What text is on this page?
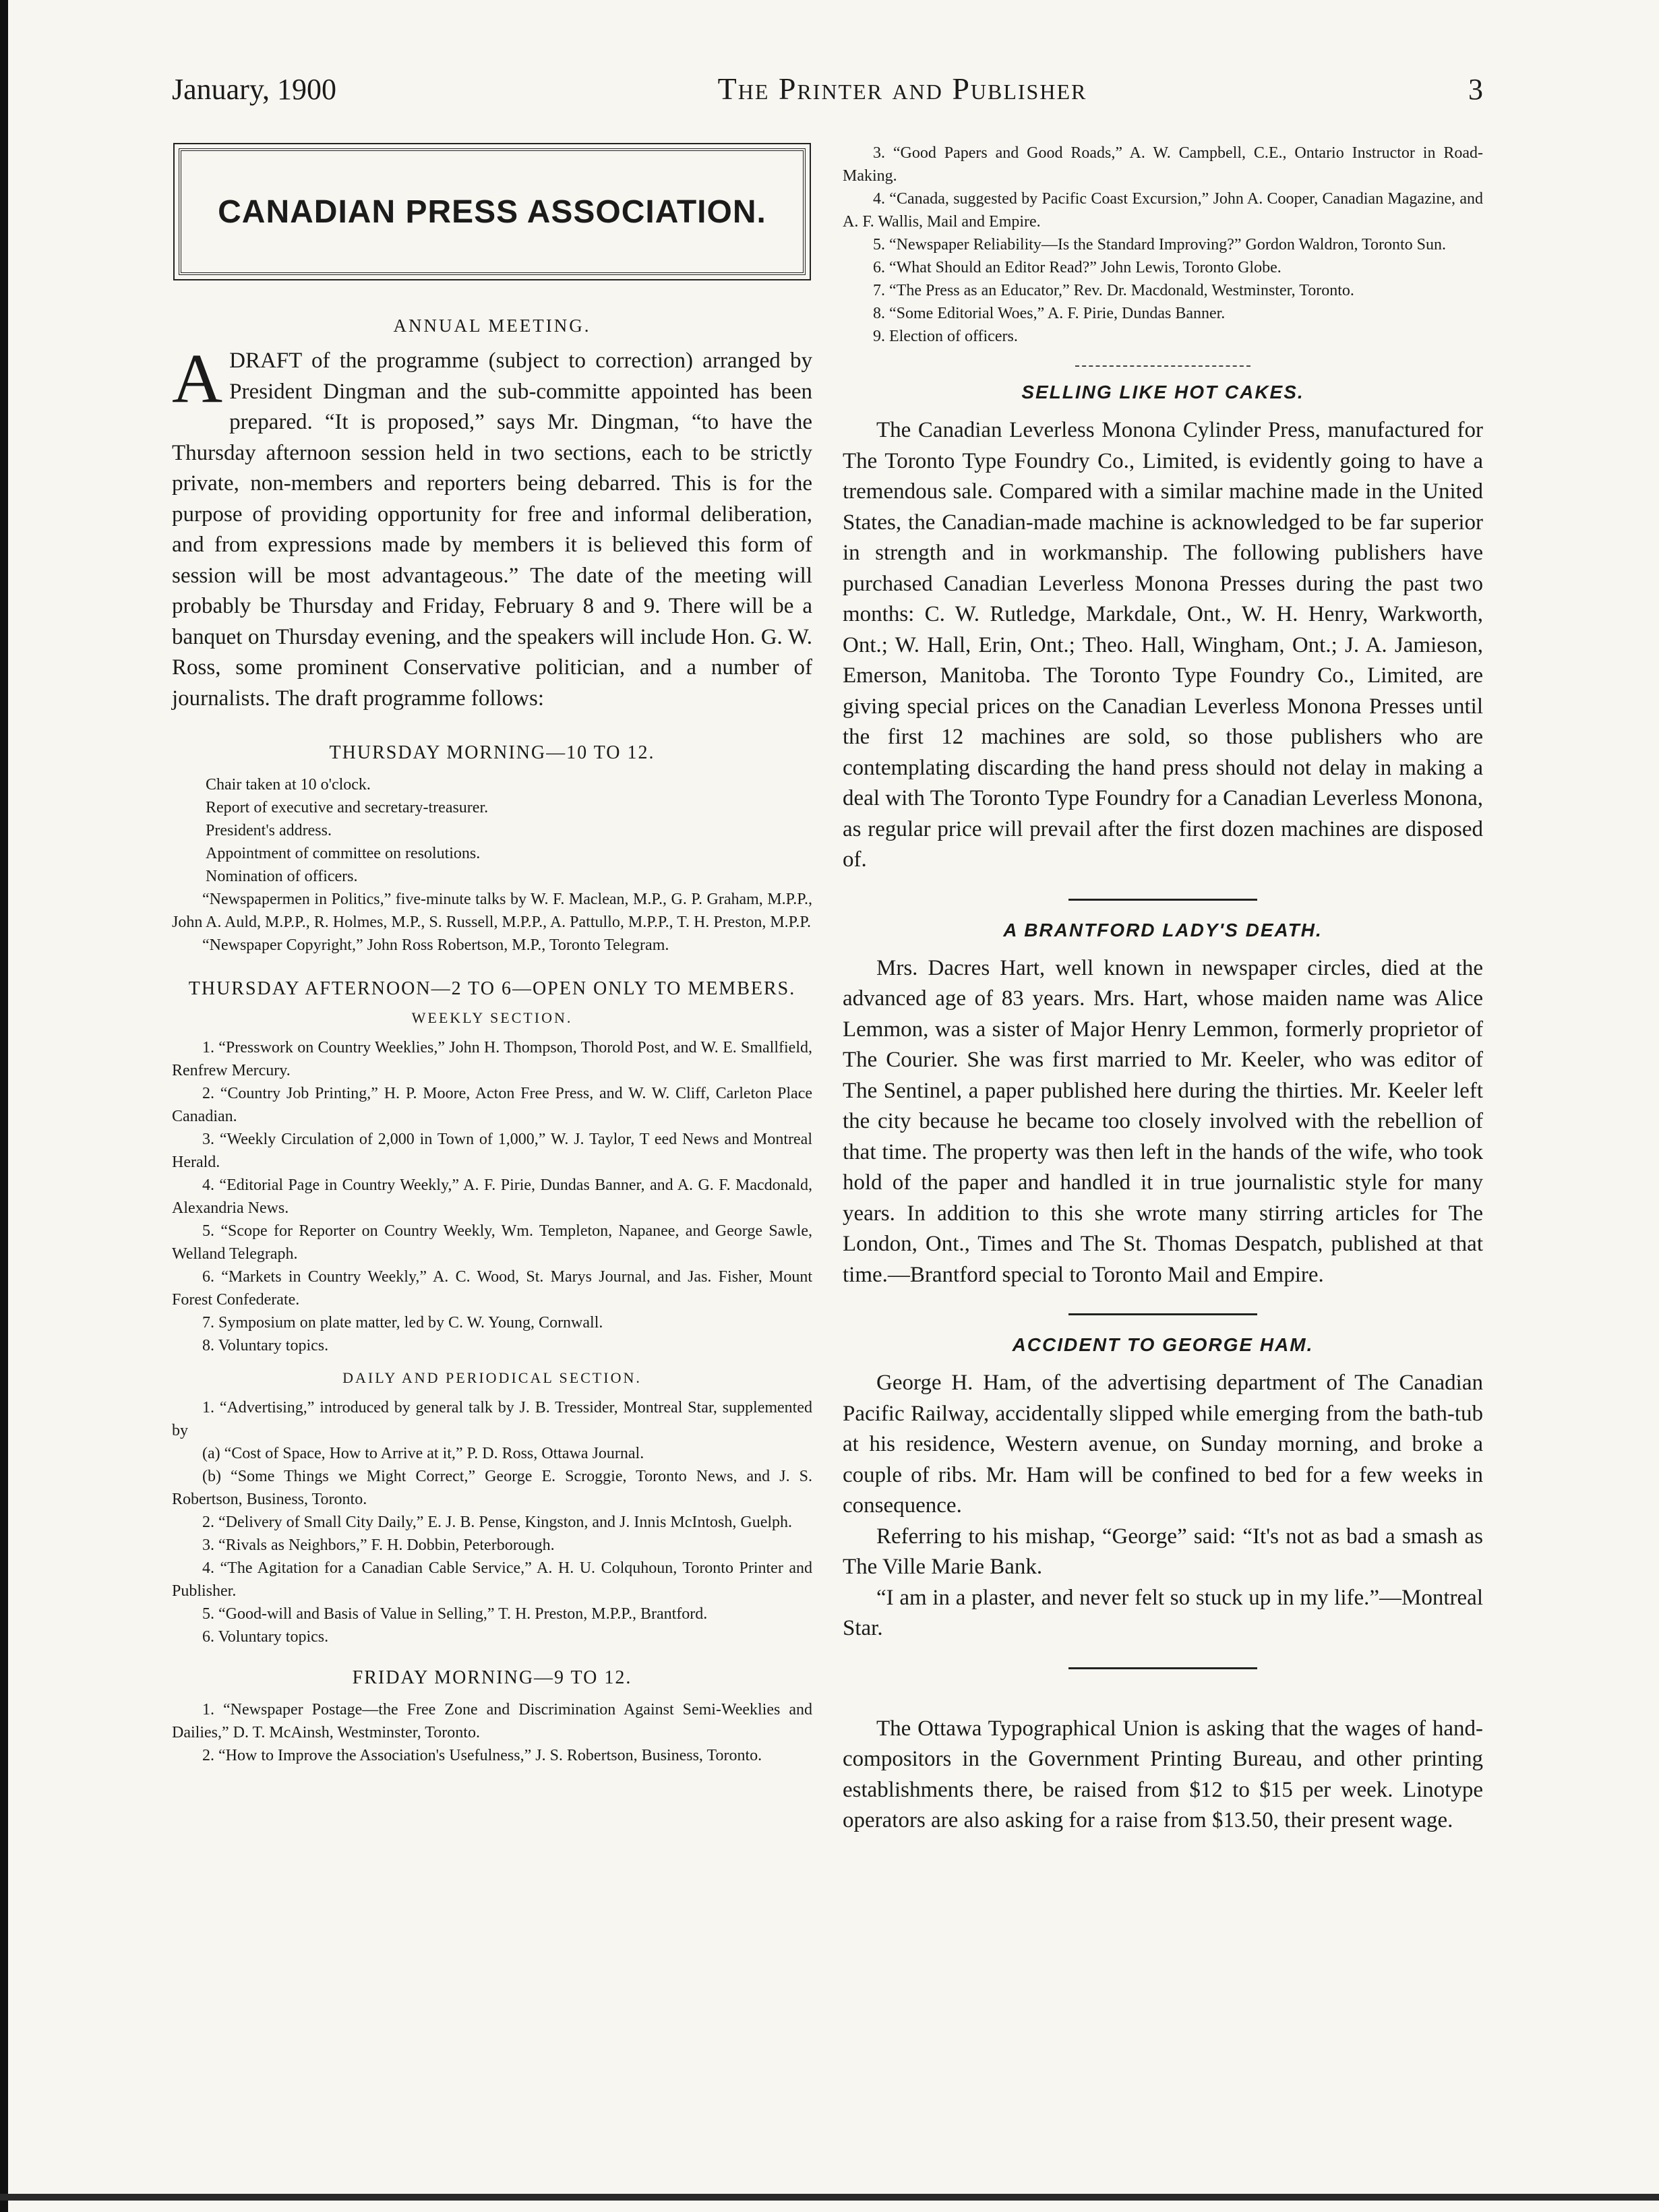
January, 1900	The Printer and Publisher	3
CANADIAN PRESS ASSOCIATION.
ANNUAL MEETING.

ADRAFT of the programme (subject to correction) arranged by President Dingman and the sub-committe appointed has been prepared. “It is proposed,” says Mr. Dingman, “to have the Thursday afternoon session held in two sections, each to be strictly private, non-members and reporters being debarred. This is for the purpose of providing opportunity for free and informal deliberation, and from expressions made by members it is believed this form of session will be most advantageous.” The date of the meeting will probably be Thursday and Friday, February 8 and 9. There will be a banquet on Thursday evening, and the speakers will include Hon. G. W. Ross, some prominent Conservative politician, and a number of journalists. The draft programme follows:

THURSDAY MORNING—10 TO 12.
Chair taken at 10 o'clock.
Report of executive and secretary-treasurer.
President's address.
Appointment of committee on resolutions.
Nomination of officers.
“Newspapermen in Politics,” five-minute talks by W. F. Maclean, M.P., G. P. Graham, M.P.P., John A. Auld, M.P.P., R. Holmes, M.P., S. Russell, M.P.P., A. Pattullo, M.P.P., T. H. Preston, M.P.P.
“Newspaper Copyright,” John Ross Robertson, M.P., Toronto Telegram.
THURSDAY AFTERNOON—2 TO 6—OPEN ONLY TO MEMBERS.
WEEKLY SECTION.
1. “Presswork on Country Weeklies,” John H. Thompson, Thorold Post, and W. E. Smallfield, Renfrew Mercury.
2. “Country Job Printing,” H. P. Moore, Acton Free Press, and W. W. Cliff, Carleton Place Canadian.
3. “Weekly Circulation of 2,000 in Town of 1,000,” W. J. Taylor, T eed News and Montreal Herald.
4. “Editorial Page in Country Weekly,” A. F. Pirie, Dundas Banner, and A. G. F. Macdonald, Alexandria News.
5. “Scope for Reporter on Country Weekly, Wm. Templeton, Napanee, and George Sawle, Welland Telegraph.
6. “Markets in Country Weekly,” A. C. Wood, St. Marys Journal, and Jas. Fisher, Mount Forest Confederate.
7. Symposium on plate matter, led by C. W. Young, Cornwall.
8. Voluntary topics.
DAILY AND PERIODICAL SECTION.
1. “Advertising,” introduced by general talk by J. B. Tressider, Montreal Star, supplemented by
(a) “Cost of Space, How to Arrive at it,” P. D. Ross, Ottawa Journal.
(b) “Some Things we Might Correct,” George E. Scroggie, Toronto News, and J. S. Robertson, Business, Toronto.
2. “Delivery of Small City Daily,” E. J. B. Pense, Kingston, and J. Innis McIntosh, Guelph.
3. “Rivals as Neighbors,” F. H. Dobbin, Peterborough.
4. “The Agitation for a Canadian Cable Service,” A. H. U. Colquhoun, Toronto Printer and Publisher.
5. “Good-will and Basis of Value in Selling,” T. H. Preston, M.P.P., Brantford.
6. Voluntary topics.
FRIDAY MORNING—9 TO 12.
1. “Newspaper Postage—the Free Zone and Discrimination Against Semi-Weeklies and Dailies,” D. T. McAinsh, Westminster, Toronto.
2. “How to Improve the Association's Usefulness,” J. S. Robertson, Business, Toronto.
3. “Good Papers and Good Roads,” A. W. Campbell, C.E., Ontario Instructor in Road-Making.
4. “Canada, suggested by Pacific Coast Excursion,” John A. Cooper, Canadian Magazine, and A. F. Wallis, Mail and Empire.
5. “Newspaper Reliability—Is the Standard Improving?” Gordon Waldron, Toronto Sun.
6. “What Should an Editor Read?” John Lewis, Toronto Globe.
7. “The Press as an Educator,” Rev. Dr. Macdonald, Westminster, Toronto.
8. “Some Editorial Woes,” A. F. Pirie, Dundas Banner.
9. Election of officers.
SELLING LIKE HOT CAKES.

The Canadian Leverless Monona Cylinder Press, manufactured for The Toronto Type Foundry Co., Limited, is evidently going to have a tremendous sale. Compared with a similar machine made in the United States, the Canadian-made machine is acknowledged to be far superior in strength and in workmanship. The following publishers have purchased Canadian Leverless Monona Presses during the past two months: C. W. Rutledge, Markdale, Ont., W. H. Henry, Warkworth, Ont.; W. Hall, Erin, Ont.; Theo. Hall, Wingham, Ont.; J. A. Jamieson, Emerson, Manitoba. The Toronto Type Foundry Co., Limited, are giving special prices on the Canadian Leverless Monona Presses until the first 12 machines are sold, so those publishers who are contemplating discarding the hand press should not delay in making a deal with The Toronto Type Foundry for a Canadian Leverless Monona, as regular price will prevail after the first dozen machines are disposed of.

A BRANTFORD LADY'S DEATH.

Mrs. Dacres Hart, well known in newspaper circles, died at the advanced age of 83 years. Mrs. Hart, whose maiden name was Alice Lemmon, was a sister of Major Henry Lemmon, formerly proprietor of The Courier. She was first married to Mr. Keeler, who was editor of The Sentinel, a paper published here during the thirties. Mr. Keeler left the city because he became too closely involved with the rebellion of that time. The property was then left in the hands of the wife, who took hold of the paper and handled it in true journalistic style for many years. In addition to this she wrote many stirring articles for The London, Ont., Times and The St. Thomas Despatch, published at that time.—Brantford special to Toronto Mail and Empire.

ACCIDENT TO GEORGE HAM.

George H. Ham, of the advertising department of The Canadian Pacific Railway, accidentally slipped while emerging from the bath-tub at his residence, Western avenue, on Sunday morning, and broke a couple of ribs. Mr. Ham will be confined to bed for a few weeks in consequence.

Referring to his mishap, “George” said: “It's not as bad a smash as The Ville Marie Bank.

“I am in a plaster, and never felt so stuck up in my life.”—Montreal Star.

The Ottawa Typographical Union is asking that the wages of hand-compositors in the Government Printing Bureau, and other printing establishments there, be raised from $12 to $15 per week. Linotype operators are also asking for a raise from $13.50, their present wage.
